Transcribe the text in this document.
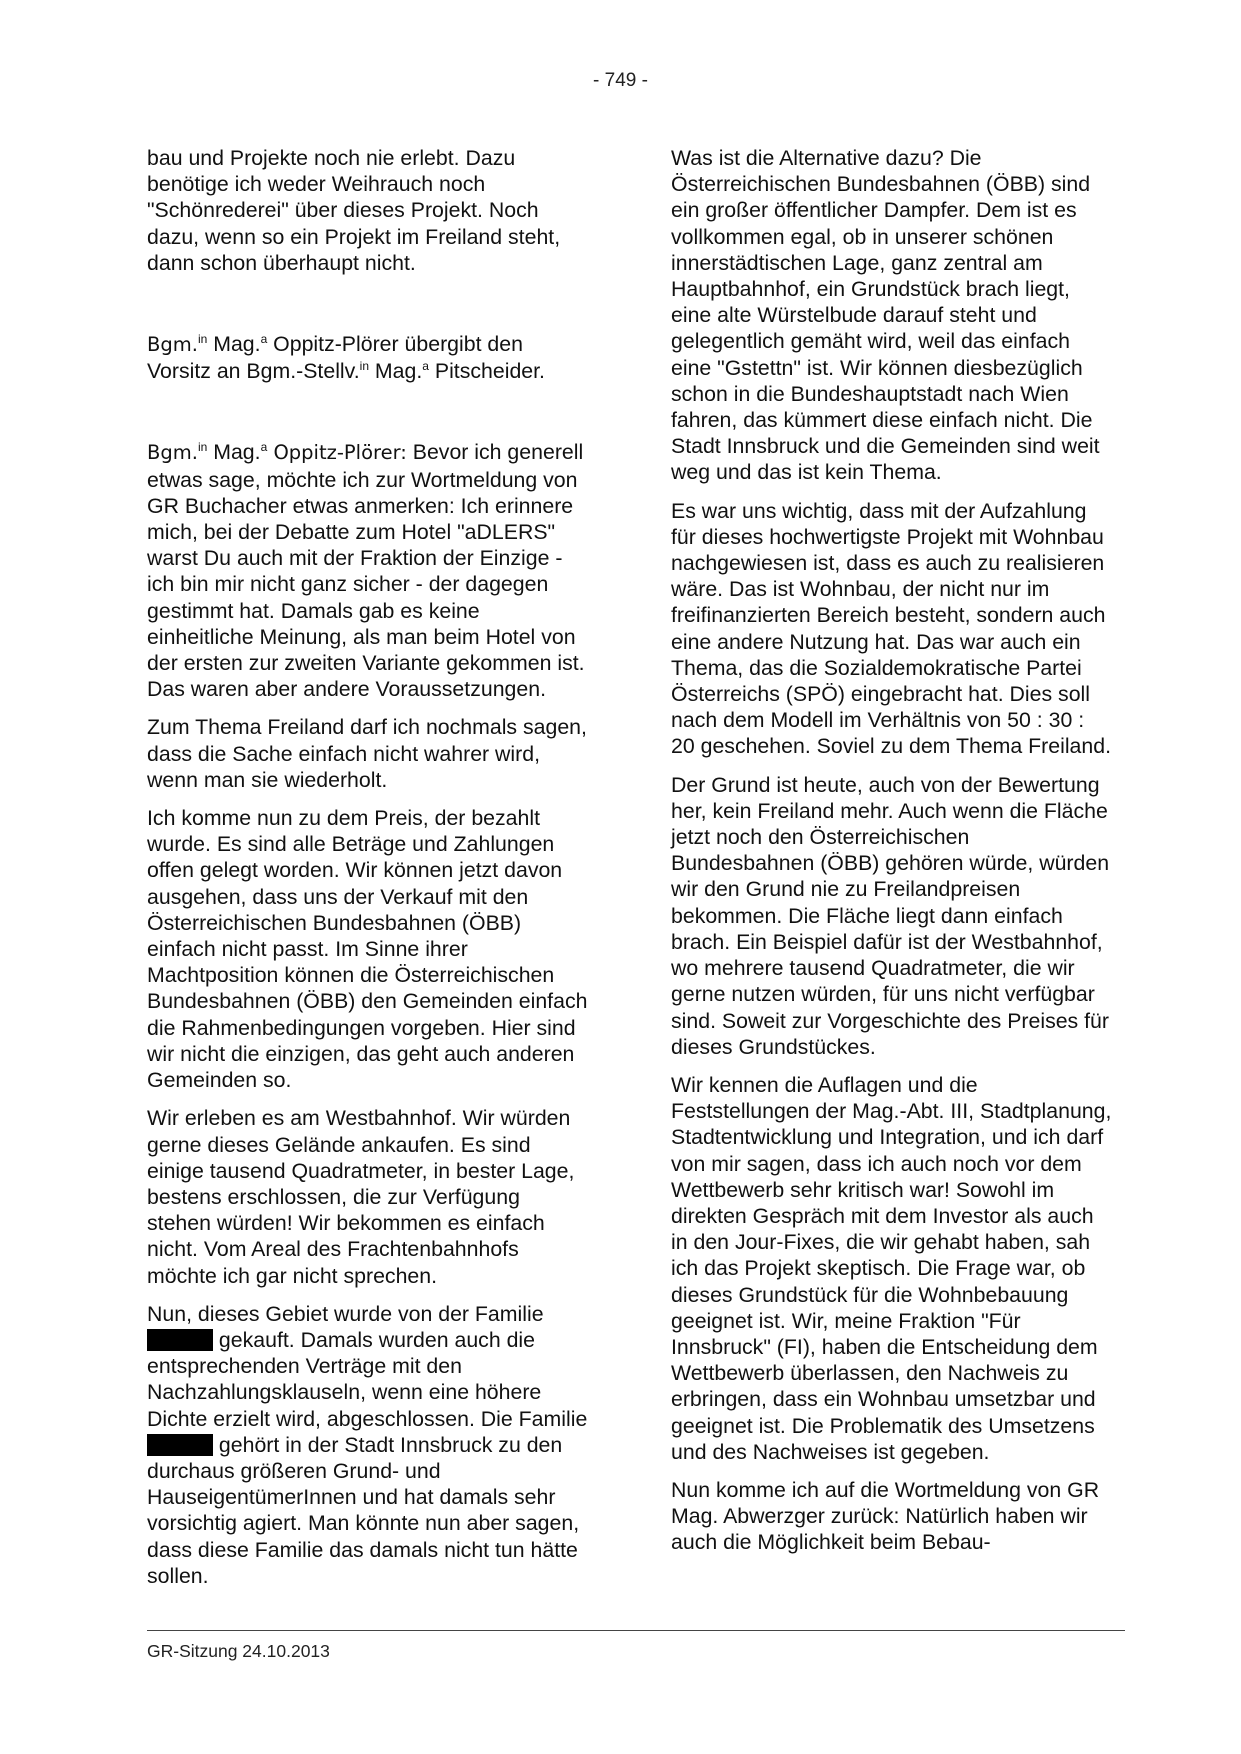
- 749 -

bau und Projekte noch nie erlebt. Dazu benötige ich weder Weihrauch noch "Schönrederei" über dieses Projekt. Noch dazu, wenn so ein Projekt im Freiland steht, dann schon überhaupt nicht.

Bgm.$^{in}$ Mag.$^a$ Oppitz-Plörer übergibt den Vorsitz an Bgm.-Stellv.$^{in}$ Mag.$^a$ Pitscheider.

Bgm.$^{in}$ Mag.$^a$ Oppitz-Plörer: Bevor ich generell etwas sage, möchte ich zur Wortmeldung von GR Buchacher etwas anmerken: Ich erinnere mich, bei der Debatte zum Hotel "aDLERS" warst Du auch mit der Fraktion der Einzige - ich bin mir nicht ganz sicher - der dagegen gestimmt hat. Damals gab es keine einheitliche Meinung, als man beim Hotel von der ersten zur zweiten Variante gekommen ist. Das waren aber andere Voraussetzungen.

Zum Thema Freiland darf ich nochmals sagen, dass die Sache einfach nicht wahrer wird, wenn man sie wiederholt.

Ich komme nun zu dem Preis, der bezahlt wurde. Es sind alle Beträge und Zahlungen offen gelegt worden. Wir können jetzt davon ausgehen, dass uns der Verkauf mit den Österreichischen Bundesbahnen (ÖBB) einfach nicht passt. Im Sinne ihrer Machtposition können die Österreichischen Bundesbahnen (ÖBB) den Gemeinden einfach die Rahmenbedingungen vorgeben. Hier sind wir nicht die einzigen, das geht auch anderen Gemeinden so.

Wir erleben es am Westbahnhof. Wir würden gerne dieses Gelände ankaufen. Es sind einige tausend Quadratmeter, in bester Lage, bestens erschlossen, die zur Verfügung stehen würden! Wir bekommen es einfach nicht. Vom Areal des Frachtenbahnhofs möchte ich gar nicht sprechen.

Nun, dieses Gebiet wurde von der Familie  gekauft. Damals wurden auch die entsprechenden Verträge mit den Nachzahlungsklauseln, wenn eine höhere Dichte erzielt wird, abgeschlossen. Die Familie  gehört in der Stadt Innsbruck zu den durchaus größeren Grund- und HauseigentümerInnen und hat damals sehr vorsichtig agiert. Man könnte nun aber sagen, dass diese Familie das damals nicht tun hätte sollen.

Was ist die Alternative dazu? Die Österreichischen Bundesbahnen (ÖBB) sind ein großer öffentlicher Dampfer. Dem ist es vollkommen egal, ob in unserer schönen innerstädtischen Lage, ganz zentral am Hauptbahnhof, ein Grundstück brach liegt, eine alte Würstelbude darauf steht und gelegentlich gemäht wird, weil das einfach eine "Gstettn" ist. Wir können diesbezüglich schon in die Bundeshauptstadt nach Wien fahren, das kümmert diese einfach nicht. Die Stadt Innsbruck und die Gemeinden sind weit weg und das ist kein Thema.

Es war uns wichtig, dass mit der Aufzahlung für dieses hochwertigste Projekt mit Wohnbau nachgewiesen ist, dass es auch zu realisieren wäre. Das ist Wohnbau, der nicht nur im freifinanzierten Bereich besteht, sondern auch eine andere Nutzung hat. Das war auch ein Thema, das die Sozialdemokratische Partei Österreichs (SPÖ) eingebracht hat. Dies soll nach dem Modell im Verhältnis von 50 : 30 : 20 geschehen. Soviel zu dem Thema Freiland.

Der Grund ist heute, auch von der Bewertung her, kein Freiland mehr. Auch wenn die Fläche jetzt noch den Österreichischen Bundesbahnen (ÖBB) gehören würde, würden wir den Grund nie zu Freilandpreisen bekommen. Die Fläche liegt dann einfach brach. Ein Beispiel dafür ist der Westbahnhof, wo mehrere tausend Quadratmeter, die wir gerne nutzen würden, für uns nicht verfügbar sind. Soweit zur Vorgeschichte des Preises für dieses Grundstückes.

Wir kennen die Auflagen und die Feststellungen der Mag.-Abt. III, Stadtplanung, Stadtentwicklung und Integration, und ich darf von mir sagen, dass ich auch noch vor dem Wettbewerb sehr kritisch war! Sowohl im direkten Gespräch mit dem Investor als auch in den Jour-Fixes, die wir gehabt haben, sah ich das Projekt skeptisch. Die Frage war, ob dieses Grundstück für die Wohnbebauung geeignet ist. Wir, meine Fraktion "Für Innsbruck" (FI), haben die Entscheidung dem Wettbewerb überlassen, den Nachweis zu erbringen, dass ein Wohnbau umsetzbar und geeignet ist. Die Problematik des Umsetzens und des Nachweises ist gegeben.

Nun komme ich auf die Wortmeldung von GR Mag. Abwerzger zurück: Natürlich haben wir auch die Möglichkeit beim Bebau-

GR-Sitzung 24.10.2013
